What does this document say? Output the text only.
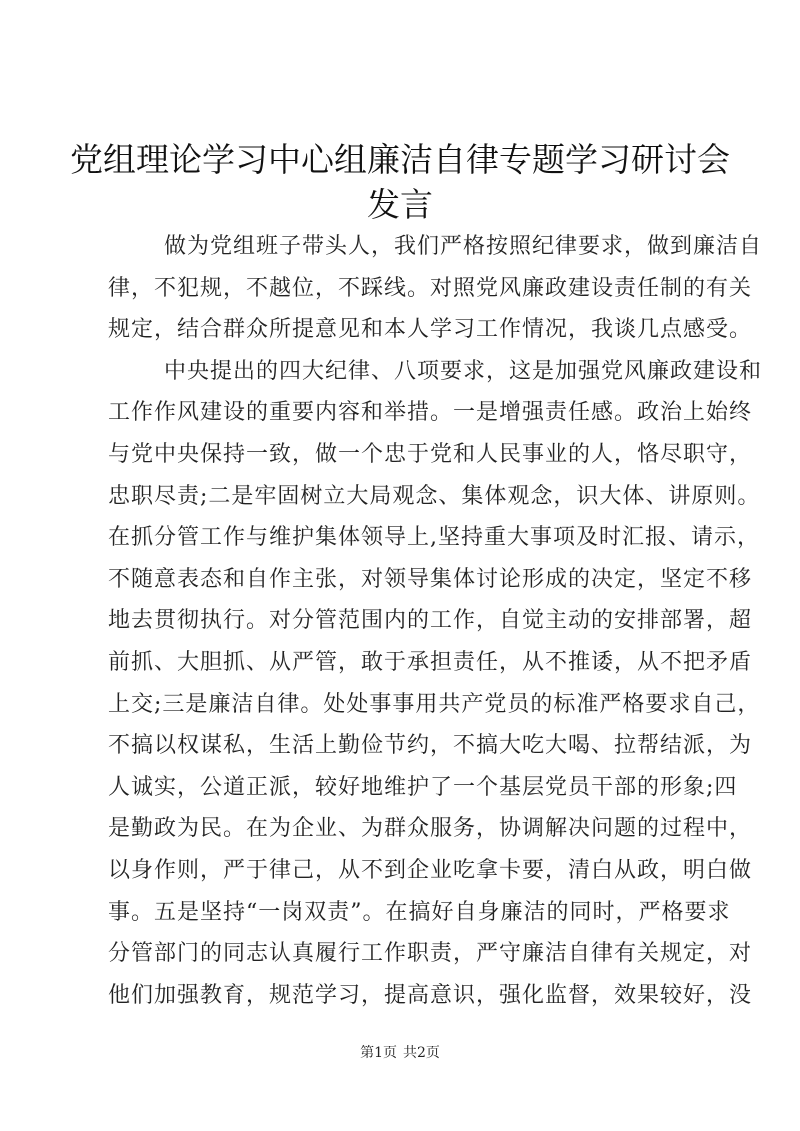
党组理论学习中心组廉洁自律专题学习研讨会
发言
做为党组班子带头人，我们严格按照纪律要求，做到廉洁自
律，不犯规，不越位，不踩线。对照党风廉政建设责任制的有关
规定，结合群众所提意见和本人学习工作情况，我谈几点感受。
中央提出的四大纪律、八项要求，这是加强党风廉政建设和
工作作风建设的重要内容和举措。一是增强责任感。政治上始终
与党中央保持一致，做一个忠于党和人民事业的人，恪尽职守，
忠职尽责;二是牢固树立大局观念、集体观念，识大体、讲原则。
在抓分管工作与维护集体领导上,坚持重大事项及时汇报、请示，
不随意表态和自作主张，对领导集体讨论形成的决定，坚定不移
地去贯彻执行。对分管范围内的工作，自觉主动的安排部署，超
前抓、大胆抓、从严管，敢于承担责任，从不推诿，从不把矛盾
上交;三是廉洁自律。处处事事用共产党员的标准严格要求自己，
不搞以权谋私，生活上勤俭节约，不搞大吃大喝、拉帮结派，为
人诚实，公道正派，较好地维护了一个基层党员干部的形象;四
是勤政为民。在为企业、为群众服务，协调解决问题的过程中，
以身作则，严于律己，从不到企业吃拿卡要，清白从政，明白做
事。五是坚持“一岗双责”。在搞好自身廉洁的同时，严格要求
分管部门的同志认真履行工作职责，严守廉洁自律有关规定，对
他们加强教育，规范学习，提高意识，强化监督，效果较好，没
第1页 共2页
